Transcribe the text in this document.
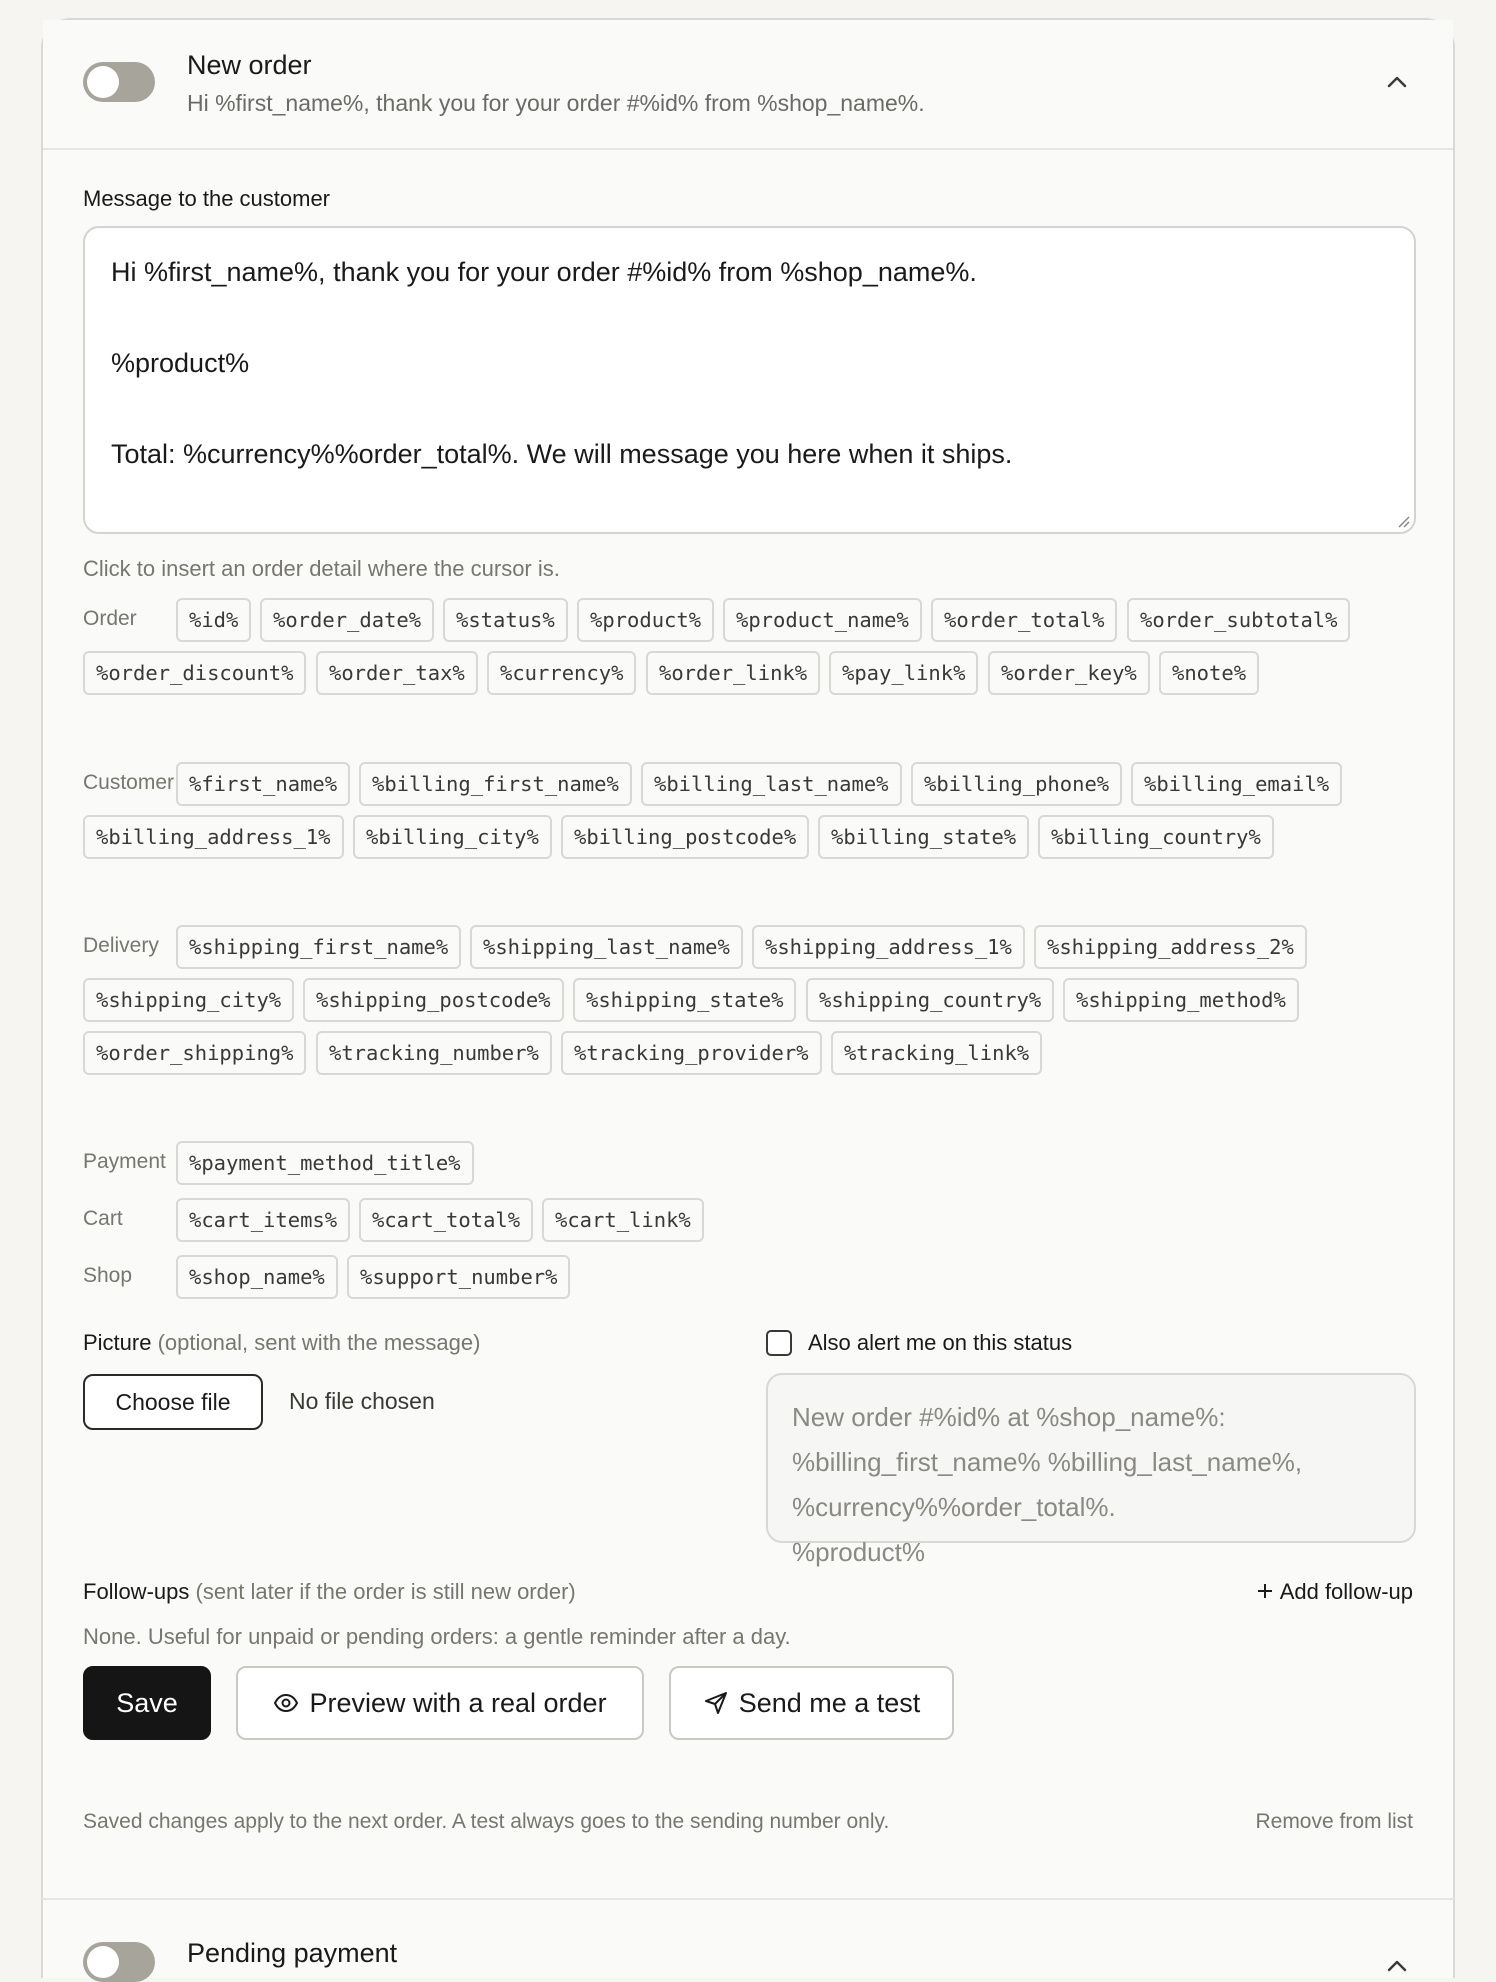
New order
Hi %first_name%, thank you for your order #%id% from %shop_name%.
Message to the customer
Hi %first_name%, thank you for your order #%id% from %shop_name%.
%product%
Total: %currency%%order_total%. We will message you here when it ships.
Click to insert an order detail where the cursor is.
Order	%id%	%order_date%	%status%	%product%	%product_name%	%order_total%	%order_subtotal%
%order_discount%	%order_tax%	%currency%	%order_link%	%pay_link%	%order_key%	%note%
Customer %first_name%	%billing_first_name%	%billing_last_name%	%billing_phone%	%billing_email%
%billing_address_1%	%billing_city%	%billing_postcode%	%billing_state%	%billing_country%
Delivery	%shipping_first_name%	%shipping_last_name%	%shipping_address_1%	%shipping_address_2%
%shipping_city%	%shipping_postcode%	%shipping_state%	%shipping_country%	%shipping_method%
%order_shipping%	%tracking_number%	%tracking_provider%	%tracking_link%
Payment	%payment_method_title%
Cart	%cart_items%	%cart_total%	%cart_link%
Shop	%shop_name%	%support_number%
Picture (optional, sent with the message)
Choose file	No file chosen
Also alert me on this status
New order #%id% at %shop_name%:
%billing_first_name% %billing_last_name%,
%currency%%order_total%.
%product%
Follow-ups (sent later if the order is still new order)	Add follow-up
None. Useful for unpaid or pending orders: a gentle reminder after a day.
Save	Preview with a real order	Send me a test
Saved changes apply to the next order. A test always goes to the sending number only.	Remove from list
Pending payment
